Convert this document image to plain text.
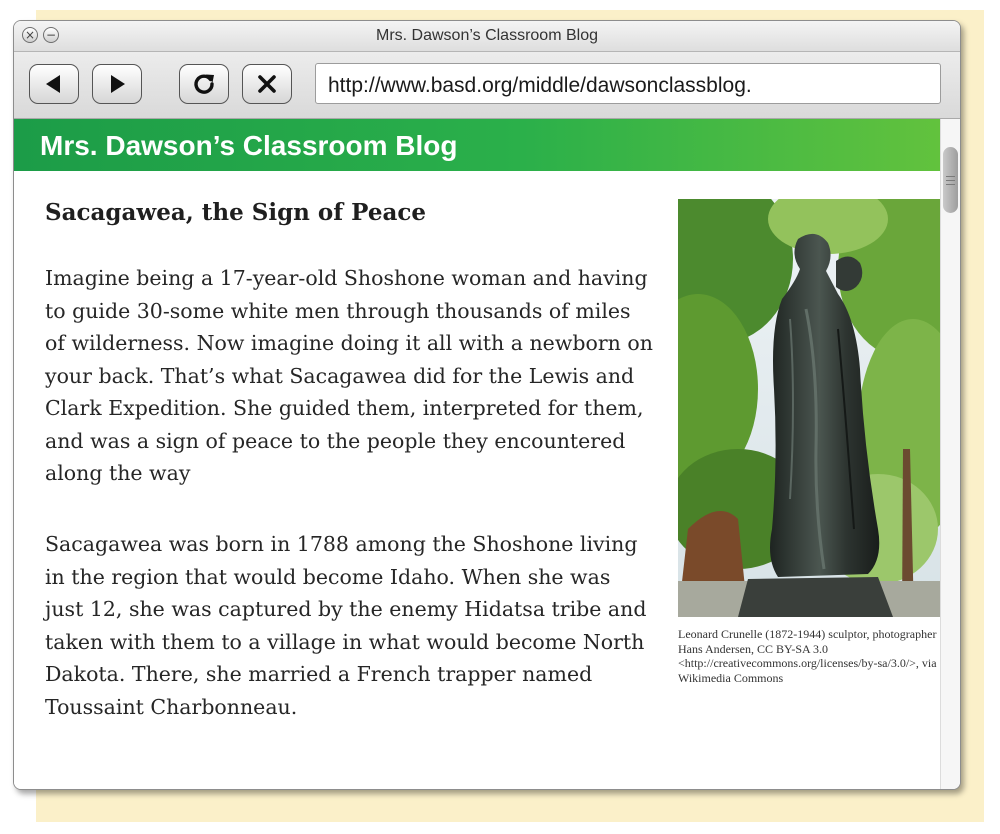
Mrs. Dawson’s Classroom Blog
× −
http://www.basd.org/middle/dawsonclassblog.
Mrs. Dawson’s Classroom Blog
Sacagawea, the Sign of Peace

Imagine being a 17-year-old Shoshone woman and having to guide 30-some white men through thousands of miles of wilderness. Now imagine doing it all with a newborn on your back. That’s what Sacagawea did for the Lewis and Clark Expedition. She guided them, interpreted for them, and was a sign of peace to the people they encountered along the way

Sacagawea was born in 1788 among the Shoshone living in the region that would become Idaho. When she was just 12, she was captured by the enemy Hidatsa tribe and taken with them to a village in what would become North Dakota. There, she married a French trapper named Toussaint Charbonneau.

Leonard Crunelle (1872-1944) sculptor, photographer Hans Andersen, CC BY-SA 3.0 <http://creativecommons.org/licenses/by-sa/3.0/>, via Wikimedia Commons
